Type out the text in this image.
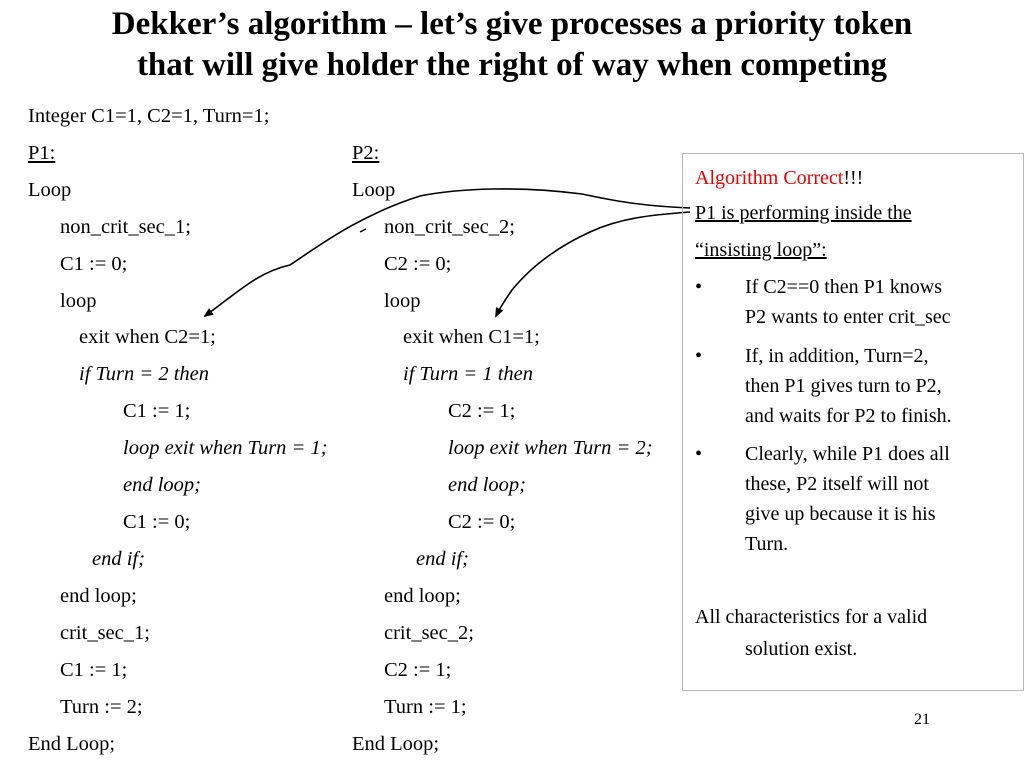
Dekker’s algorithm – let’s give processes a priority token
that will give holder the right of way when competing
Integer C1=1, C2=1, Turn=1;
P1:
Loop
non_crit_sec_1;
C1 := 0;
loop
exit when C2=1;
if Turn = 2 then
C1 := 1;
loop exit when Turn = 1;
end loop;
C1 := 0;
end if;
end loop;
crit_sec_1;
C1 := 1;
Turn := 2;
End Loop;
P2:
Loop
non_crit_sec_2;
C2 := 0;
loop
exit when C1=1;
if Turn = 1 then
C2 := 1;
loop exit when Turn = 2;
end loop;
C2 := 0;
end if;
end loop;
crit_sec_2;
C2 := 1;
Turn := 1;
End Loop;
Algorithm Correct!!!
P1 is performing inside the
“insisting loop”:
• If C2==0 then P1 knows
P2 wants to enter crit_sec
• If, in addition, Turn=2,
then P1 gives turn to P2,
and waits for P2 to finish.
• Clearly, while P1 does all
these, P2 itself will not
give up because it is his
Turn.
All characteristics for a valid
solution exist.
21
